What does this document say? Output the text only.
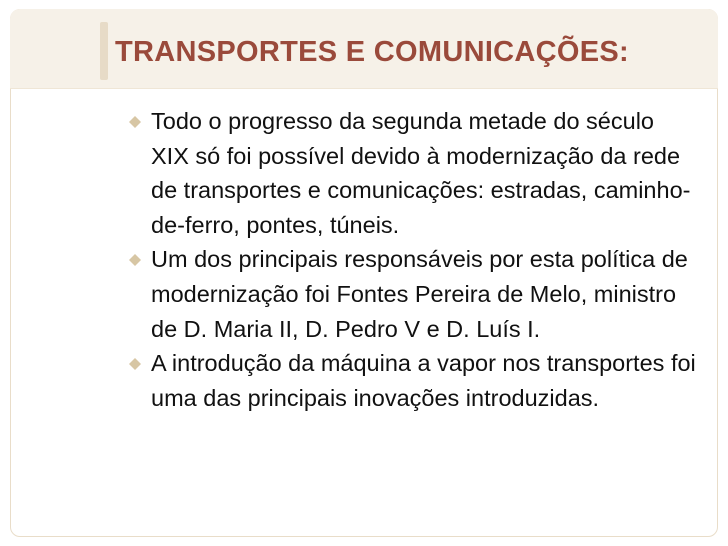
TRANSPORTES E COMUNICAÇÕES:
Todo o progresso da segunda metade do século XIX só foi possível devido à modernização da rede de transportes e comunicações: estradas, caminho-de-ferro, pontes, túneis.
Um dos principais responsáveis por esta política de modernização foi Fontes Pereira de Melo, ministro de D. Maria II, D. Pedro V e D. Luís I.
A introdução da máquina a vapor nos transportes foi uma das principais inovações introduzidas.
